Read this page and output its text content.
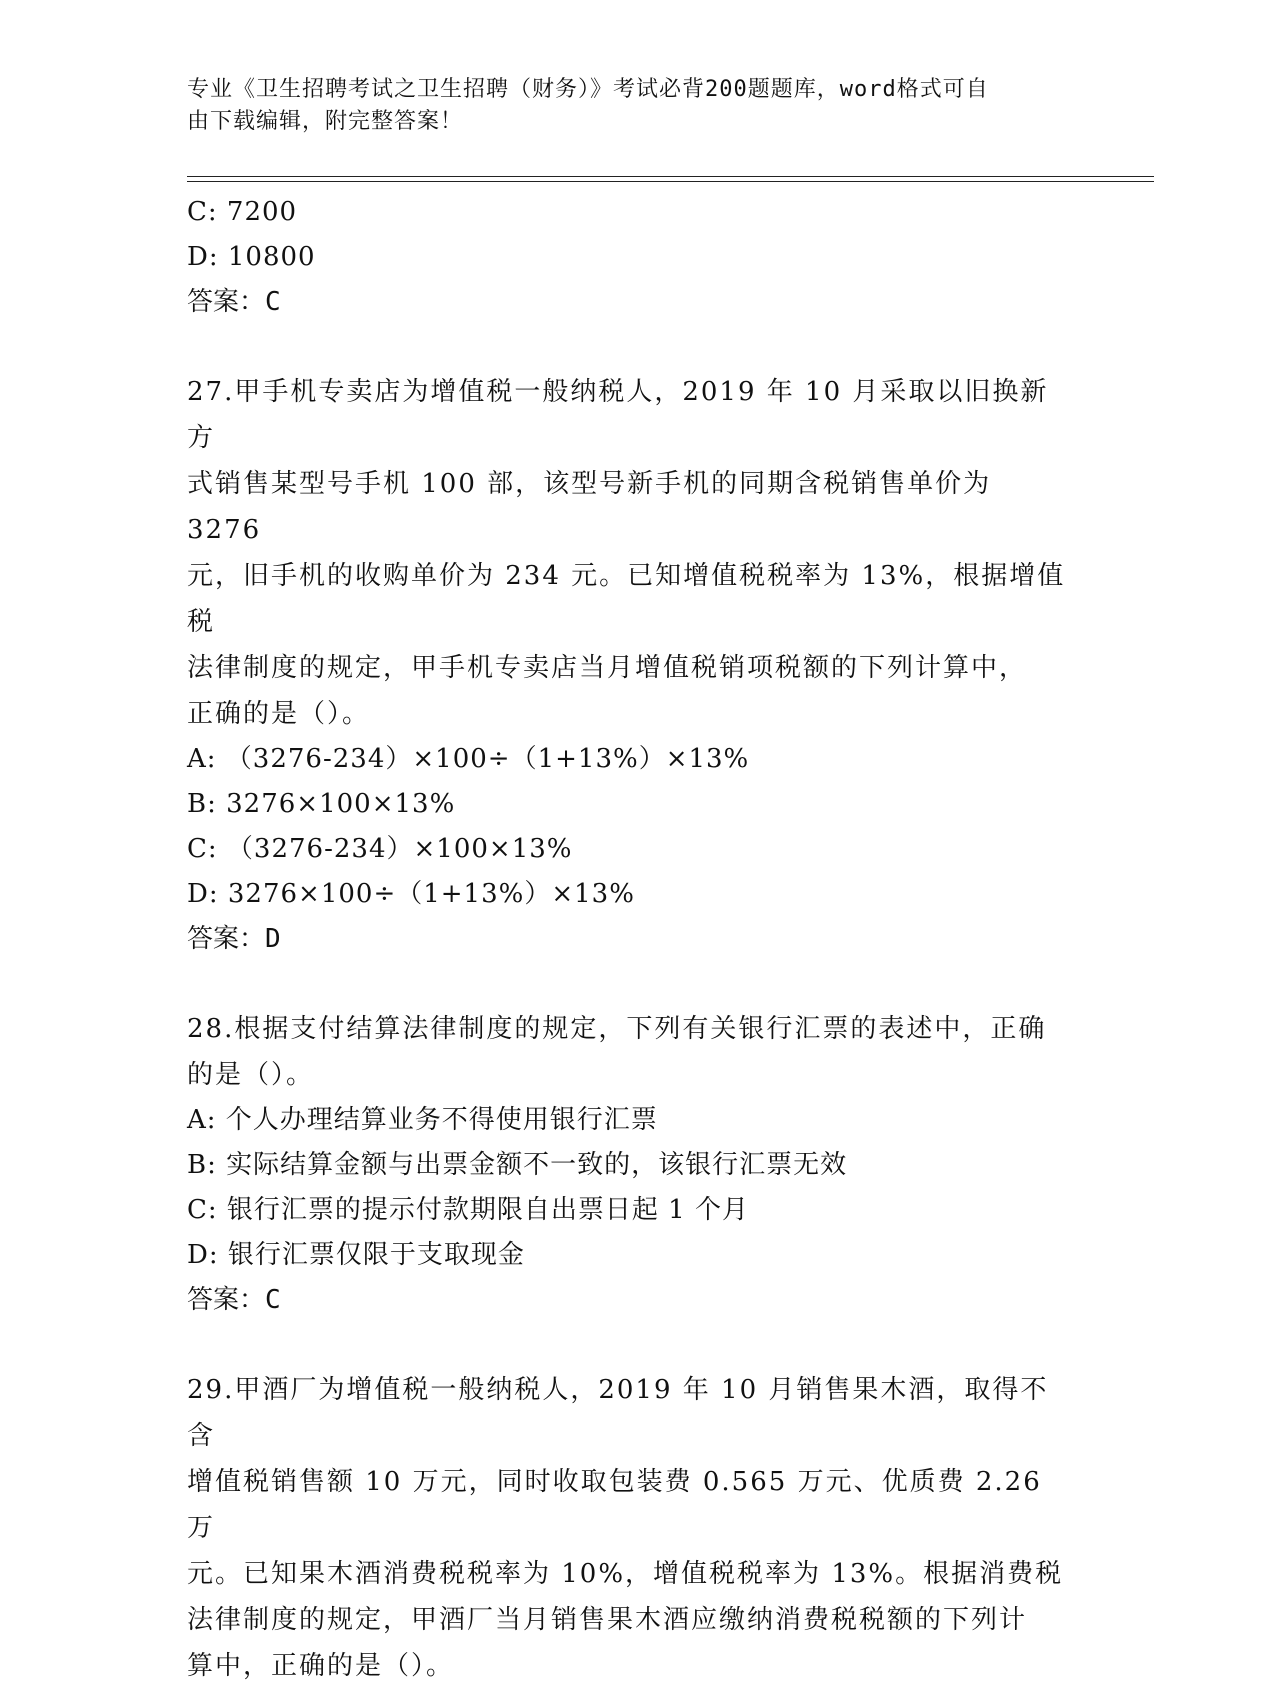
专业《卫生招聘考试之卫生招聘（财务）》考试必背200题题库，word格式可自
由下载编辑，附完整答案！
C: 7200
D: 10800
答案：C
27.甲手机专卖店为增值税一般纳税人，2019 年 10 月采取以旧换新方
式销售某型号手机 100 部，该型号新手机的同期含税销售单价为 3276
元，旧手机的收购单价为 234 元。已知增值税税率为 13%，根据增值税
法律制度的规定，甲手机专卖店当月增值税销项税额的下列计算中，
正确的是（）。
A: （3276-234）×100÷（1+13%）×13%
B: 3276×100×13%
C: （3276-234）×100×13%
D: 3276×100÷（1+13%）×13%
答案：D
28.根据支付结算法律制度的规定，下列有关银行汇票的表述中，正确
的是（）。
A: 个人办理结算业务不得使用银行汇票
B: 实际结算金额与出票金额不一致的，该银行汇票无效
C: 银行汇票的提示付款期限自出票日起 1 个月
D: 银行汇票仅限于支取现金
答案：C
29.甲酒厂为增值税一般纳税人，2019 年 10 月销售果木酒，取得不含
增值税销售额 10 万元，同时收取包装费 0.565 万元、优质费 2.26 万
元。已知果木酒消费税税率为 10%，增值税税率为 13%。根据消费税
法律制度的规定，甲酒厂当月销售果木酒应缴纳消费税税额的下列计
算中，正确的是（）。
